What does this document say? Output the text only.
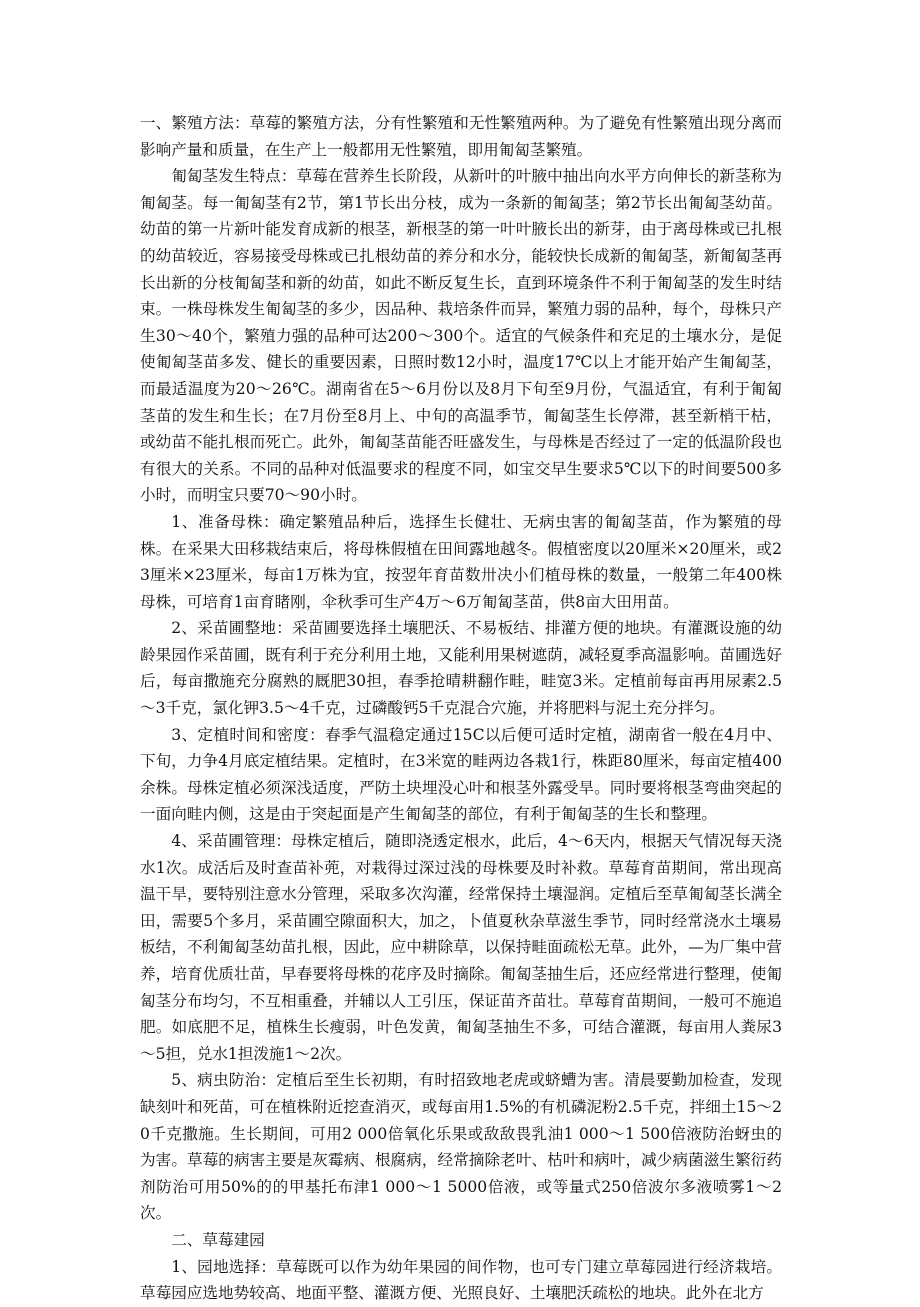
一、繁殖方法：草莓的繁殖方法，分有性繁殖和无性繁殖两种。为了避免有性繁殖出现分离而影响产量和质量，在生产上一般都用无性繁殖，即用匍匐茎繁殖。

匍匐茎发生特点：草莓在营养生长阶段，从新叶的叶腋中抽出向水平方向伸长的新茎称为匍匐茎。每一匍匐茎有2节，第1节长出分枝，成为一条新的匍匐茎；第2节长出匍匐茎幼苗。幼苗的第一片新叶能发育成新的根茎，新根茎的第一叶叶腋长出的新芽，由于离母株或已扎根的幼苗较近，容易接受母株或已扎根幼苗的养分和水分，能较快长成新的匍匐茎，新匍匐茎再长出新的分枝匍匐茎和新的幼苗，如此不断反复生长，直到环境条件不利于匍匐茎的发生时结束。一株母株发生匍匐茎的多少，因品种、栽培条件而异，繁殖力弱的品种，每个，母株只产生30～40个，繁殖力强的品种可达200～300个。适宜的气候条件和充足的土壤水分，是促使匍匐茎苗多发、健长的重要因素，日照时数12小时，温度17℃以上才能开始产生匍匐茎，而最适温度为20～26℃。湖南省在5～6月份以及8月下旬至9月份，气温适宜，有利于匍匐茎苗的发生和生长；在7月份至8月上、中旬的高温季节，匍匐茎生长停滞，甚至新梢干枯，或幼苗不能扎根而死亡。此外，匍匐茎苗能否旺盛发生，与母株是否经过了一定的低温阶段也有很大的关系。不同的品种对低温要求的程度不同，如宝交早生要求5℃以下的时间要500多小时，而明宝只要70～90小时。

1、准备母株：确定繁殖品种后，选择生长健壮、无病虫害的匍匐茎苗，作为繁殖的母株。在采果大田移栽结束后，将母株假植在田间露地越冬。假植密度以20厘米×20厘米，或23厘米×23厘米，每亩1万株为宜，按翌年育苗数卅决小们植母株的数量，一般第二年400株母株，可培育1亩育睹刚，伞秋季可生产4万～6万匍匐茎苗，供8亩大田用苗。

2、采苗圃整地：采苗圃要选择土壤肥沃、不易板结、排灌方便的地块。有灌溉设施的幼龄果园作采苗圃，既有利于充分利用土地，又能利用果树遮荫，减轻夏季高温影响。苗圃选好后，每亩撒施充分腐熟的厩肥30担，春季抢晴耕翻作畦，畦宽3米。定植前每亩再用尿素2.5～3千克，氯化钾3.5～4千克，过磷酸钙5千克混合穴施，并将肥料与泥土充分拌匀。

3、定植时间和密度：春季气温稳定通过15C以后便可适时定植，湖南省一般在4月中、下旬，力争4月底定植结果。定植时，在3米宽的畦两边各栽1行，株距80厘米，每亩定植400余株。母株定植必须深浅适度，严防土块埋没心叶和根茎外露受旱。同时要将根茎弯曲突起的一面向畦内侧，这是由于突起面是产生匍匐茎的部位，有利于匍匐茎的生长和整理。

4、采苗圃管理：母株定植后，随即浇透定根水，此后，4～6天内，根据天气情况每天浇水1次。成活后及时查苗补蔸，对栽得过深过浅的母株要及时补救。草莓育苗期间，常出现高温干旱，要特别注意水分管理，采取多次沟灌，经常保持土壤湿润。定植后至草匍匐茎长满全田，需要5个多月，采苗圃空隙面积大，加之，卜值夏秋杂草滋生季节，同时经常浇水土壤易板结，不利匍匐茎幼苗扎根，因此，应中耕除草，以保持畦面疏松无草。此外，—为厂集中营养，培育优质壮苗，早春要将母株的花序及时摘除。匍匐茎抽生后，还应经常进行整理，使匍匐茎分布均匀，不互相重叠，并辅以人工引压，保证苗齐苗壮。草莓育苗期间，一般可不施追肥。如底肥不足，植株生长瘦弱，叶色发黄，匍匐茎抽生不多，可结合灌溉，每亩用人粪尿3～5担，兑水1担泼施1～2次。

5、病虫防治：定植后至生长初期，有时招致地老虎或蛴螬为害。清晨要勤加检查，发现缺刻叶和死苗，可在植株附近挖查消灭，或每亩用1.5%的有机磷泥粉2.5千克，拌细土15～20千克撒施。生长期间，可用2 000倍氧化乐果或敌敌畏乳油1 000～1 500倍液防治蚜虫的为害。草莓的病害主要是灰霉病、根腐病，经常摘除老叶、枯叶和病叶，减少病菌滋生繁衍药剂防治可用50%的的甲基托布津1 000～1 5000倍液，或等量式250倍波尔多液喷雾1～2次。

二、草莓建园

1、园地选择：草莓既可以作为幼年果园的间作物，也可专门建立草莓园进行经济栽培。草莓园应选地势较高、地面平整、灌溉方便、光照良好、土壤肥沃疏松的地块。此外在北方
